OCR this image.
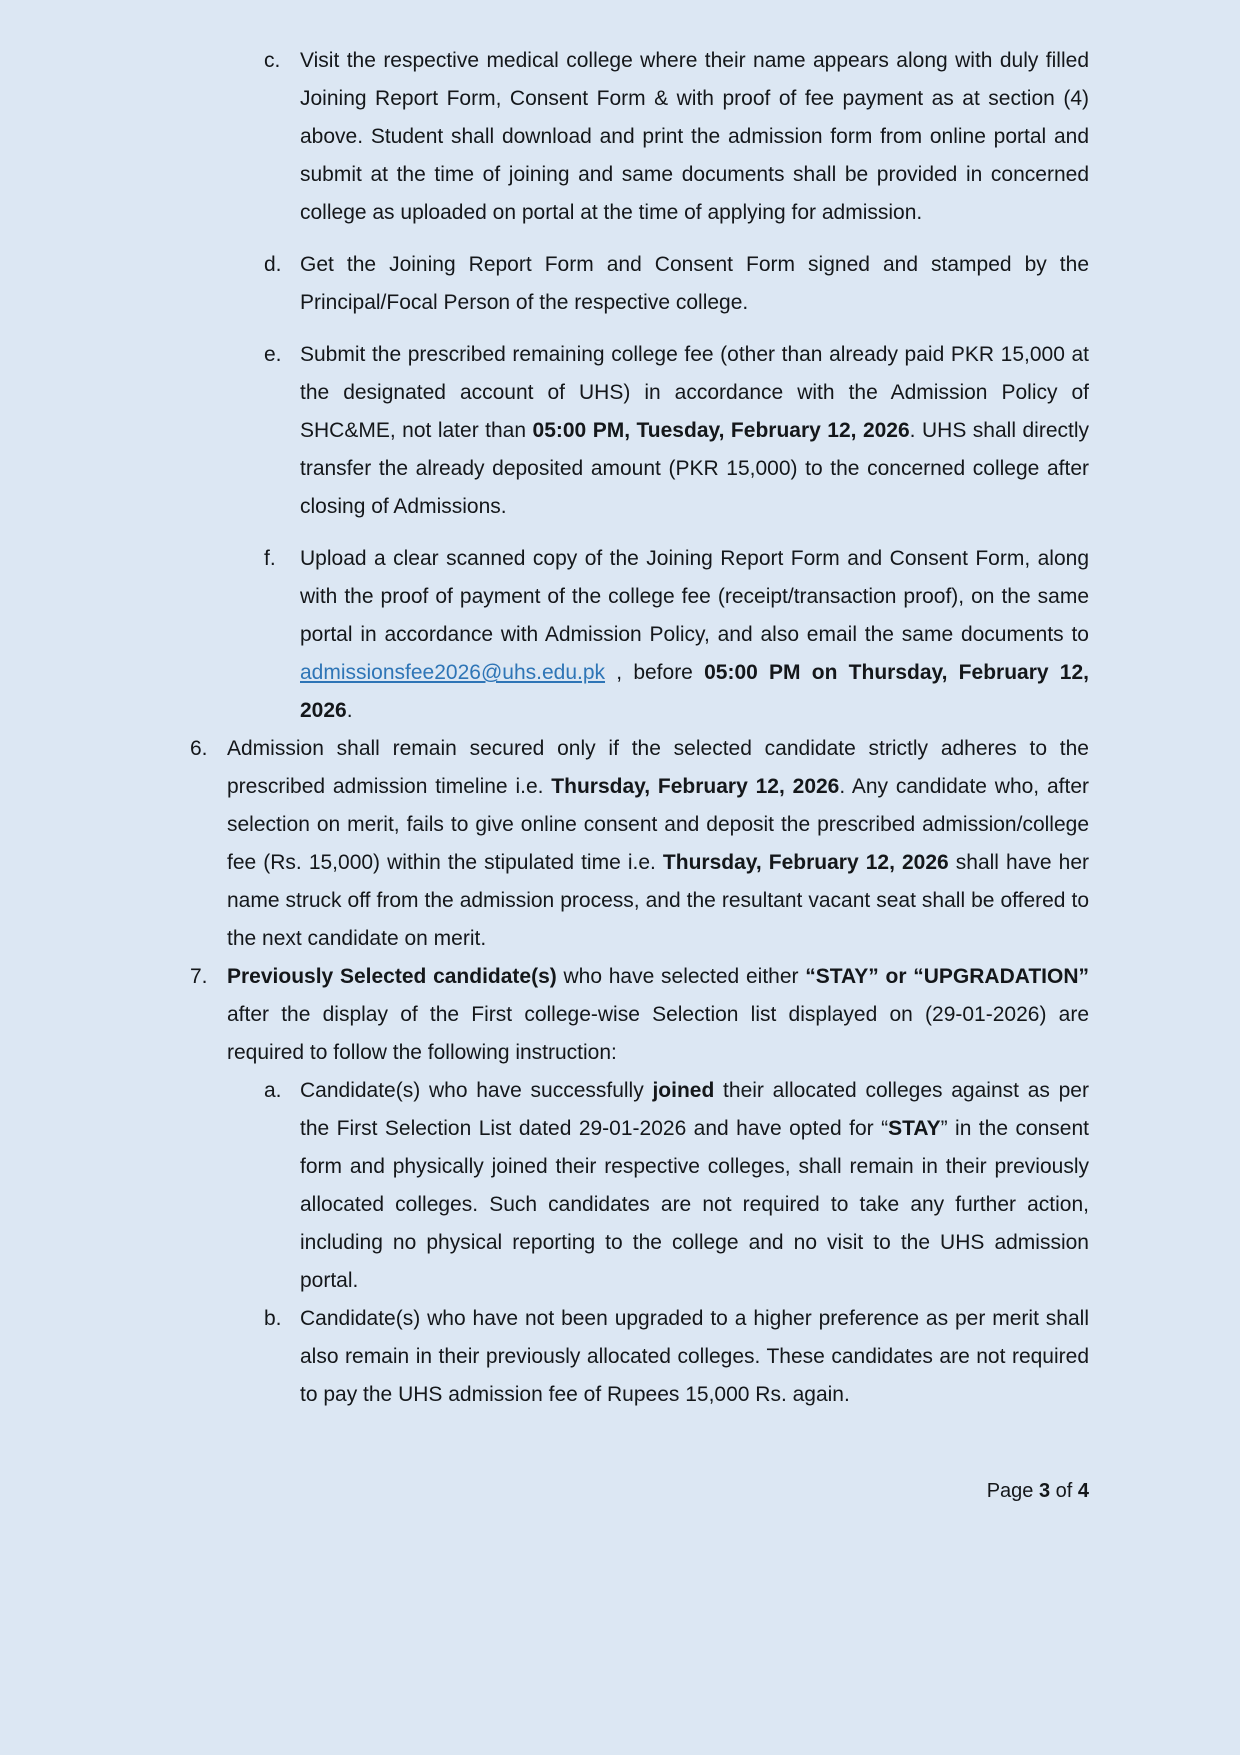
c. Visit the respective medical college where their name appears along with duly filled Joining Report Form, Consent Form & with proof of fee payment as at section (4) above. Student shall download and print the admission form from online portal and submit at the time of joining and same documents shall be provided in concerned college as uploaded on portal at the time of applying for admission.
d. Get the Joining Report Form and Consent Form signed and stamped by the Principal/Focal Person of the respective college.
e. Submit the prescribed remaining college fee (other than already paid PKR 15,000 at the designated account of UHS) in accordance with the Admission Policy of SHC&ME, not later than 05:00 PM, Tuesday, February 12, 2026. UHS shall directly transfer the already deposited amount (PKR 15,000) to the concerned college after closing of Admissions.
f.	Upload a clear scanned copy of the Joining Report Form and Consent Form, along with the proof of payment of the college fee (receipt/transaction proof), on the same portal in accordance with Admission Policy, and also email the same documents to admissionsfee2026@uhs.edu.pk , before 05:00 PM on Thursday, February 12, 2026.
6. Admission shall remain secured only if the selected candidate strictly adheres to the prescribed admission timeline i.e. Thursday, February 12, 2026. Any candidate who, after selection on merit, fails to give online consent and deposit the prescribed admission/college fee (Rs. 15,000) within the stipulated time i.e. Thursday, February 12, 2026 shall have her name struck off from the admission process, and the resultant vacant seat shall be offered to the next candidate on merit.
7. Previously Selected candidate(s) who have selected either “STAY” or “UPGRADATION” after the display of the First college-wise Selection list displayed on (29-01-2026) are required to follow the following instruction:
a. Candidate(s) who have successfully joined their allocated colleges against as per the First Selection List dated 29-01-2026 and have opted for “STAY” in the consent form and physically joined their respective colleges, shall remain in their previously allocated colleges. Such candidates are not required to take any further action, including no physical reporting to the college and no visit to the UHS admission portal.
b. Candidate(s) who have not been upgraded to a higher preference as per merit shall also remain in their previously allocated colleges. These candidates are not required to pay the UHS admission fee of Rupees 15,000 Rs. again.
Page 3 of 4
